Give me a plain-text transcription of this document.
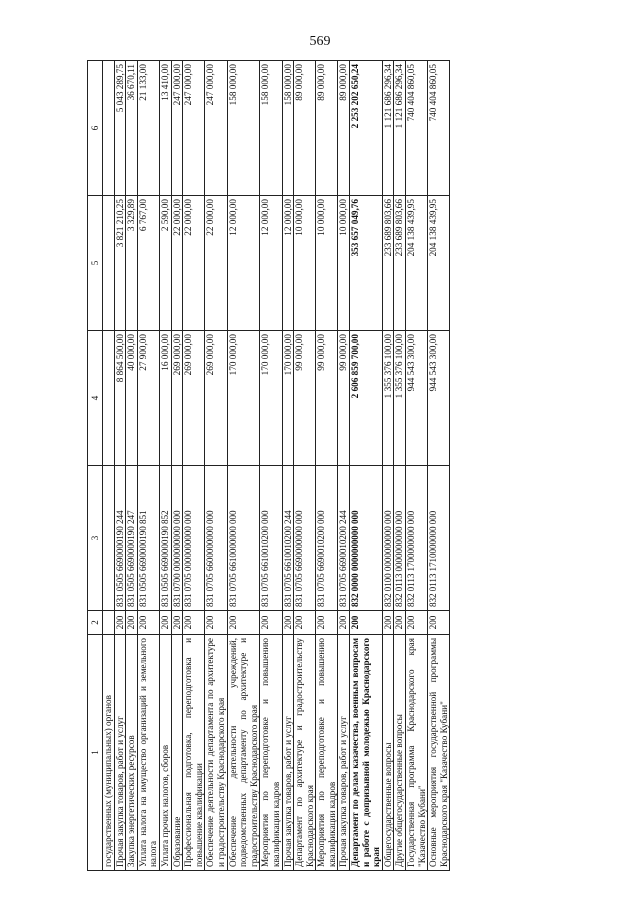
569
1	2	3	4	5	6
государственных (муниципальных) органов					
Прочая закупка товаров, работ и услуг	200	831 0505 6690000190 244	8 864 500,00	3 821 210,25	5 043 289,75
Закупка энергетических ресурсов	200	831 0505 6690000190 247	40 000,00	3 329,89	36 670,11
Уплата налога на имущество организаций и земельного налога	200	831 0505 6690000190 851	27 900,00	6 767,00	21 133,00
Уплата прочих налогов, сборов	200	831 0505 6690000190 852	16 000,00	2 590,00	13 410,00
Образование	200	831 0700 0000000000 000	269 000,00	22 000,00	247 000,00
Профессиональная подготовка, переподготовка и повышение квалификации	200	831 0705 0000000000 000	269 000,00	22 000,00	247 000,00
Обеспечение деятельности департамента по архитектуре и градостроительству Краснодарского края	200	831 0705 6600000000 000	269 000,00	22 000,00	247 000,00
Обеспечение деятельности учреждений, подведомственных департаменту по архитектуре и градостроительству Краснодарского края	200	831 0705 6610000000 000	170 000,00	12 000,00	158 000,00
Мероприятия по переподготовке и повышению квалификации кадров	200	831 0705 6610010200 000	170 000,00	12 000,00	158 000,00
Прочая закупка товаров, работ и услуг	200	831 0705 6610010200 244	170 000,00	12 000,00	158 000,00
Департамент по архитектуре и градостроительству Краснодарского края	200	831 0705 6690000000 000	99 000,00	10 000,00	89 000,00
Мероприятия по переподготовке и повышению квалификации кадров	200	831 0705 6690010200 000	99 000,00	10 000,00	89 000,00
Прочая закупка товаров, работ и услуг	200	831 0705 6690010200 244	99 000,00	10 000,00	89 000,00
Департамент по делам казачества, военным вопросам и работе с допризывной молодежью Краснодарского края	200	832 0000 0000000000 000	2 606 859 700,00	353 657 049,76	2 253 202 650,24
Общегосударственные вопросы	200	832 0100 0000000000 000	1 355 376 100,00	233 689 803,66	1 121 686 296,34
Другие общегосударственные вопросы	200	832 0113 0000000000 000	1 355 376 100,00	233 689 803,66	1 121 686 296,34
Государственная программа Краснодарского края "Казачество Кубани"	200	832 0113 1700000000 000	944 543 300,00	204 138 439,95	740 404 860,05
Основные мероприятия государственной программы Краснодарского края "Казачество Кубани"	200	832 0113 1710000000 000	944 543 300,00	204 138 439,95	740 404 860,05
